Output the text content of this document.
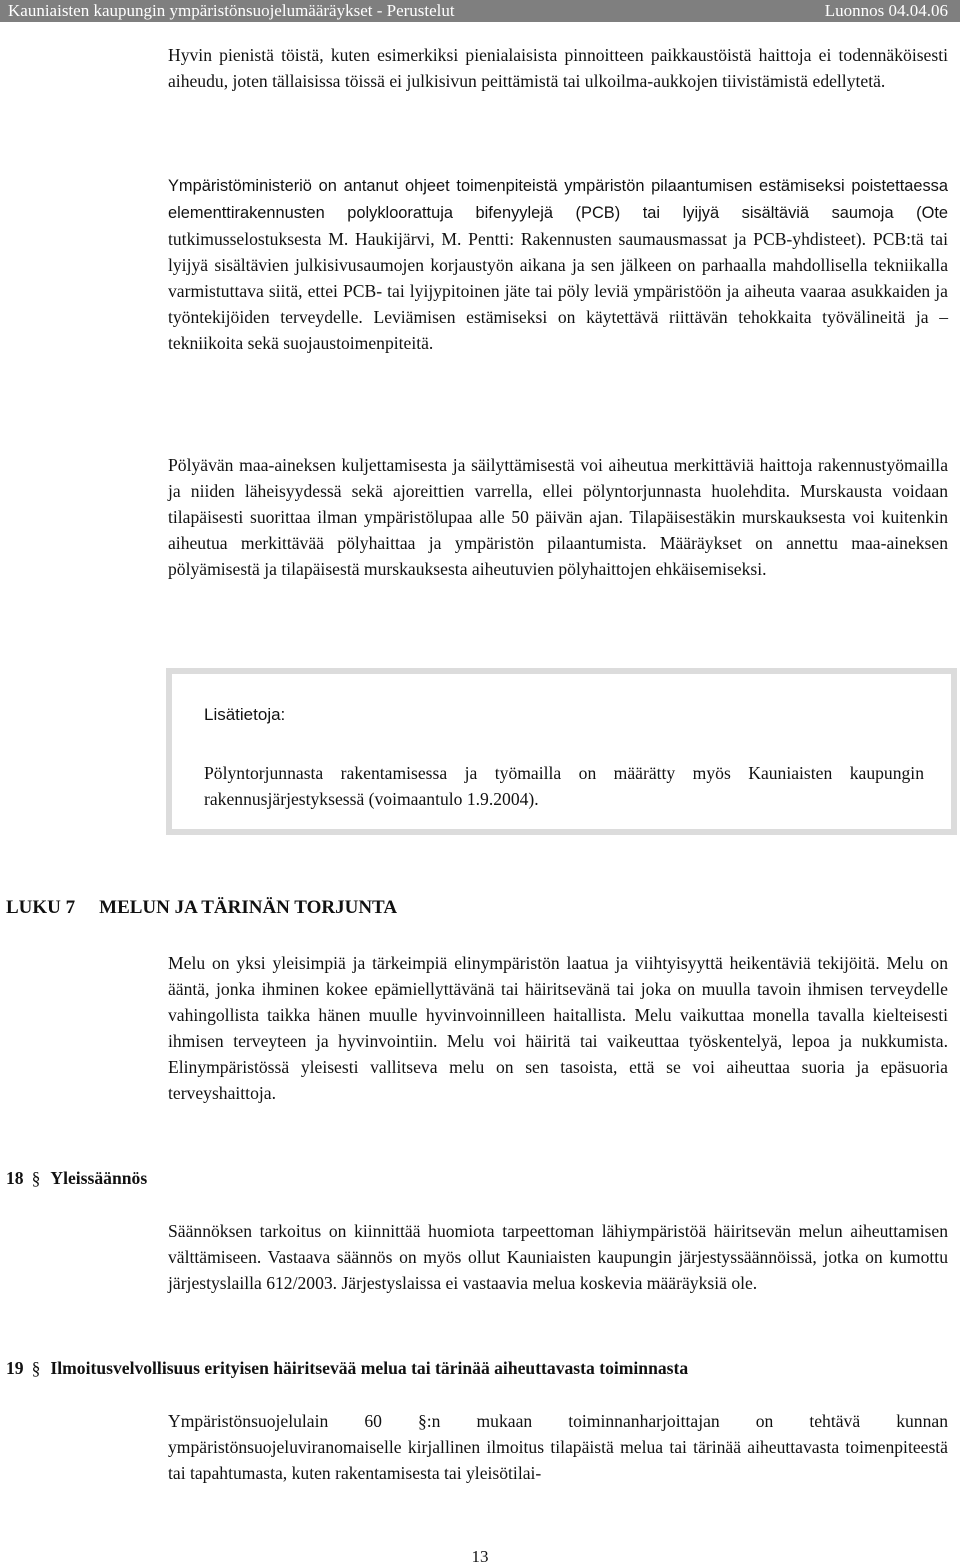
Kauniaisten kaupungin ympäristönsuojelumääräykset - Perustelut	Luonnos 04.04.06

Hyvin pienistä töistä, kuten esimerkiksi pienialaisista pinnoitteen paikkaustöistä haittoja ei todennäköisesti aiheudu, joten tällaisissa töissä ei julkisivun peittämistä tai ulkoilma-aukkojen tiivistämistä edellytetä.

Ympäristöministeriö on antanut ohjeet toimenpiteistä ympäristön pilaantumisen estämiseksi poistettaessa elementtirakennusten polykloorattuja bifenyylejä (PCB) tai lyijyä sisältäviä saumoja (Ote tutkimusselostuksesta M. Haukijärvi, M. Pentti: Rakennusten saumausmassat ja PCB-yhdisteet). PCB:tä tai lyijyä sisältävien julkisivusaumojen korjaustyön aikana ja sen jälkeen on parhaalla mahdollisella tekniikalla varmistuttava siitä, ettei PCB- tai lyijypitoinen jäte tai pöly leviä ympäristöön ja aiheuta vaaraa asukkaiden ja työntekijöiden terveydelle. Leviämisen estämiseksi on käytettävä riittävän tehokkaita työvälineitä ja –tekniikoita sekä suojaustoimenpiteitä.

Pölyävän maa-aineksen kuljettamisesta ja säilyttämisestä voi aiheutua merkittäviä haittoja rakennustyömailla ja niiden läheisyydessä sekä ajoreittien varrella, ellei pölyntorjunnasta huolehdita. Murskausta voidaan tilapäisesti suorittaa ilman ympäristölupaa alle 50 päivän ajan. Tilapäisestäkin murskauksesta voi kuitenkin aiheutua merkittävää pölyhaittaa ja ympäristön pilaantumista. Määräykset on annettu maa-aineksen pölyämisestä ja tilapäisestä murskauksesta aiheutuvien pölyhaittojen ehkäisemiseksi.

Lisätietoja:

Pölyntorjunnasta rakentamisessa ja työmailla on määrätty myös Kauniaisten kaupungin rakennusjärjestyksessä (voimaantulo 1.9.2004).

LUKU 7 MELUN JA TÄRINÄN TORJUNTA

Melu on yksi yleisimpiä ja tärkeimpiä elinympäristön laatua ja viihtyisyyttä heikentäviä tekijöitä. Melu on ääntä, jonka ihminen kokee epämiellyttävänä tai häiritsevänä tai joka on muulla tavoin ihmisen terveydelle vahingollista taikka hänen muulle hyvinvoinnilleen haitallista. Melu vaikuttaa monella tavalla kielteisesti ihmisen terveyteen ja hyvinvointiin. Melu voi häiritä tai vaikeuttaa työskentelyä, lepoa ja nukkumista. Elinympäristössä yleisesti vallitseva melu on sen tasoista, että se voi aiheuttaa suoria ja epäsuoria terveyshaittoja.

18 § Yleissäännös

Säännöksen tarkoitus on kiinnittää huomiota tarpeettoman lähiympäristöä häiritsevän melun aiheuttamisen välttämiseen. Vastaava säännös on myös ollut Kauniaisten kaupungin järjestyssäännöissä, jotka on kumottu järjestyslailla 612/2003. Järjestyslaissa ei vastaavia melua koskevia määräyksiä ole.

19 § Ilmoitusvelvollisuus erityisen häiritsevää melua tai tärinää aiheuttavasta toiminnasta

Ympäristönsuojelulain 60 §:n mukaan toiminnanharjoittajan on tehtävä kunnan ympäristönsuojeluviranomaiselle kirjallinen ilmoitus tilapäistä melua tai tärinää aiheuttavasta toimenpiteestä tai tapahtumasta, kuten rakentamisesta tai yleisötilai-

13
